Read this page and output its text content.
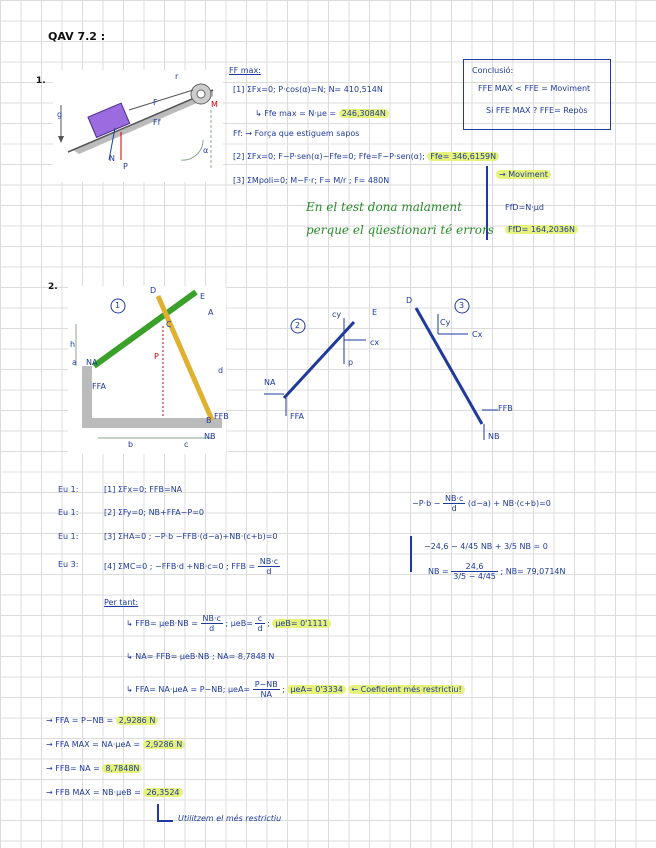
QAV 7.2 :
1.
g
N
P
F	M
r
α
Ff
FF max:
[1] ΣFx=0; P·cos(α)=N; N= 410,514N
↳ Ffe max = N·μe = 246,3084N
Ff: → Força que estiguem sapos
[2] ΣFx=0; F−P·sen(α)−Ffe=0; Ffe=F−P·sen(α); Ffe= 346,6159N
[3] ΣMpoli=0; M−F·r; F= M/r ; F= 480N
→ Moviment
FfD=N·μd
FfD= 164,2036N
En el test dona malament
perque el qüestionari té errors
Conclusió:
FFE MAX < FFE = Moviment
Si FFE MAX ? FFE= Repòs
2.
1
D
E
A
C
B
NA
FFA
FFB
NB
P
b	c
h
d
a
2
cy
cx
E
p
NA
FFA
3
D
Cy
Cx
FFB
NB
Eu 1:	[1] ΣFx=0; FFB=NA
Eu 1:	[2] ΣFy=0; NB+FFA−P=0
Eu 1:	[3] ΣHA=0 ; −P·b −FFB·(d−a)+NB·(c+b)=0
Eu 3:	[4] ΣMC=0 ; −FFB·d +NB·c=0 ; FFB = $\frac{NB\cdot c}{d}$
$-P\cdot b - \frac{NB\cdot c}{d} (d-a) + NB\cdot(c+b)=0$
−24,6 − 4/45 NB + 3/5 NB = 0
NB = $\frac{24,6}{3/5 - 4/45}$ ; NB= 79,0714N
Per tant:
↳ $FFB= \mu eB\cdot NB = \frac{NB\cdot c}{d}$ ; $\mu eB= \frac{c}{d}$ ; μeB= 0'1111
↳ NA= FFB= μeB·NB ; NA= 8,7848 N
↳ FFA= NA·μeA = P−NB; $\mu eA= \frac{P-NB}{NA}$ ; μeA= 0'3334 ← Coeficient més restrictiu!
→ FFA = P−NB = 2,9286 N
→ FFA MAX = NA·μeA = 2,9286 N
→ FFB= NA = 8,7848N
→ FFB MAX = NB·μeB = 26,3524
Utilitzem el més restrictiu
